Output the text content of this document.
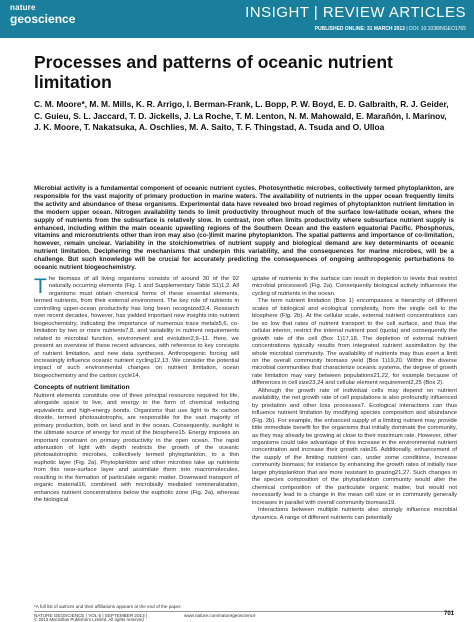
nature
geoscience	INSIGHT | REVIEW ARTICLES
PUBLISHED ONLINE: 31 MARCH 2013 | DOI: 10.1038/NGEO1765
Processes and patterns of oceanic nutrient limitation
C. M. Moore*, M. M. Mills, K. R. Arrigo, I. Berman-Frank, L. Bopp, P. W. Boyd, E. D. Galbraith, R. J. Geider, C. Guieu, S. L. Jaccard, T. D. Jickells, J. La Roche, T. M. Lenton, N. M. Mahowald, E. Marañón, I. Marinov, J. K. Moore, T. Nakatsuka, A. Oschlies, M. A. Saito, T. F. Thingstad, A. Tsuda and O. Ulloa
Microbial activity is a fundamental component of oceanic nutrient cycles. Photosynthetic microbes, collectively termed phytoplankton, are responsible for the vast majority of primary production in marine waters. The availability of nutrients in the upper ocean frequently limits the activity and abundance of these organisms. Experimental data have revealed two broad regimes of phytoplankton nutrient limitation in the modern upper ocean. Nitrogen availability tends to limit productivity throughout much of the surface low-latitude ocean, where the supply of nutrients from the subsurface is relatively slow. In contrast, iron often limits productivity where subsurface nutrient supply is enhanced, including within the main oceanic upwelling regions of the Southern Ocean and the eastern equatorial Pacific. Phosphorus, vitamins and micronutrients other than iron may also (co-)limit marine phytoplankton. The spatial patterns and importance of co-limitation, however, remain unclear. Variability in the stoichiometries of nutrient supply and biological demand are key determinants of oceanic nutrient limitation. Deciphering the mechanisms that underpin this variability, and the consequences for marine microbes, will be a challenge. But such knowledge will be crucial for accurately predicting the consequences of ongoing anthropogenic perturbations to oceanic nutrient biogeochemistry.

The biomass of all living organisms consists of around 30 of the 92 naturally occurring elements (Fig. 1 and Supplementary Table S1)1,2. All organisms must obtain chemical forms of these essential elements, termed nutrients, from their external environment. The key role of nutrients in controlling upper-ocean productivity has long been recognized3,4. Research over recent decades, however, has yielded important new insights into nutrient biogeochemistry, indicating the importance of numerous trace metals5,6, co-limitation by two or more nutrients7,8, and variability in nutrient requirements related to microbial function, environment and evolution2,9–11. Here, we present an overview of these recent advances, with reference to key concepts of nutrient limitation, and new data syntheses. Anthropogenic forcing will increasingly influence oceanic nutrient cycling12,13. We consider the potential impact of such environmental changes on nutrient limitation, ocean biogeochemistry and the carbon cycle14.

Concepts of nutrient limitation

Nutrient elements constitute one of three principal resources required for life, alongside space to live, and energy in the form of chemical reducing equivalents and high-energy bonds. Organisms that use light to fix carbon dioxide, termed photoautotrophs, are responsible for the vast majority of primary production, both on land and in the ocean. Consequently, sunlight is the ultimate source of energy for most of the biosphere15. Energy imposes an important constraint on primary productivity in the open ocean. The rapid attenuation of light with depth restricts the growth of the oceanic photoautotrophic microbes, collectively termed phytoplankton, to a thin euphotic layer (Fig. 2a). Phytoplankton and other microbes take up nutrients from this near-surface layer and assimilate them into macromolecules, resulting in the formation of particulate organic matter. Downward transport of organic material16, combined with microbially mediated remineralization, enhances nutrient concentrations below the euphotic zone (Fig. 2a), whereas the biological

uptake of nutrients in the surface can result in depletion to levels that restrict microbial processes6 (Fig. 2a). Consequently biological activity influences the cycling of nutrients in the ocean.

The term nutrient limitation (Box 1) encompasses a hierarchy of different scales of biological and ecological complexity, from the single cell to the biosphere (Fig. 2b). At the cellular scale, external nutrient concentrations can be so low that rates of nutrient transport to the cell surface, and thus the cellular interior, restrict the internal nutrient pool (quota) and consequently the growth rate of the cell (Box 1)17,18. The depletion of external nutrient concentrations typically results from integrated nutrient assimilation by the whole microbial community. The availability of nutrients may thus exert a limit on the overall community biomass yield (Box 1)19,20. Within the diverse microbial communities that characterize oceanic systems, the degree of growth rate limitation may vary between populations21,22, for example because of differences in cell size23,24 and cellular element requirement2,25 (Box 2).

Although the growth rate of individual cells may depend on nutrient availability, the net growth rate of cell populations is also profoundly influenced by predation and other loss processes7. Ecological interactions can thus influence nutrient limitation by modifying species composition and abundance (Fig. 2b). For example, the enhanced supply of a limiting nutrient may provide little immediate benefit for the organisms that initially dominate the community, as they may already be growing at close to their maximum rate. However, other organisms could take advantage of this increase in the environmental nutrient concentration and increase their growth rate26. Additionally, enhancement of the supply of the limiting nutrient can, under some conditions, increase community biomass; for instance by enhancing the growth rates of initially rare larger phytoplankton that are more resistant to grazing21,27. Such changes in the species composition of the phytoplankton community would alter the chemical composition of the particulate organic matter, but would not necessarily lead to a change in the mean cell size or in community generally increases in parallel with overall community biomass19.

Interactions between multiple nutrients also strongly influence microbial dynamics. A range of different nutrients can potentially

*A full list of authors and their affiliations appears at the end of the paper.
NATURE GEOSCIENCE | VOL 6 | SEPTEMBER 2013 |	www.nature.com/naturegeoscience	701
© 2013 Macmillan Publishers Limited. All rights reserved
